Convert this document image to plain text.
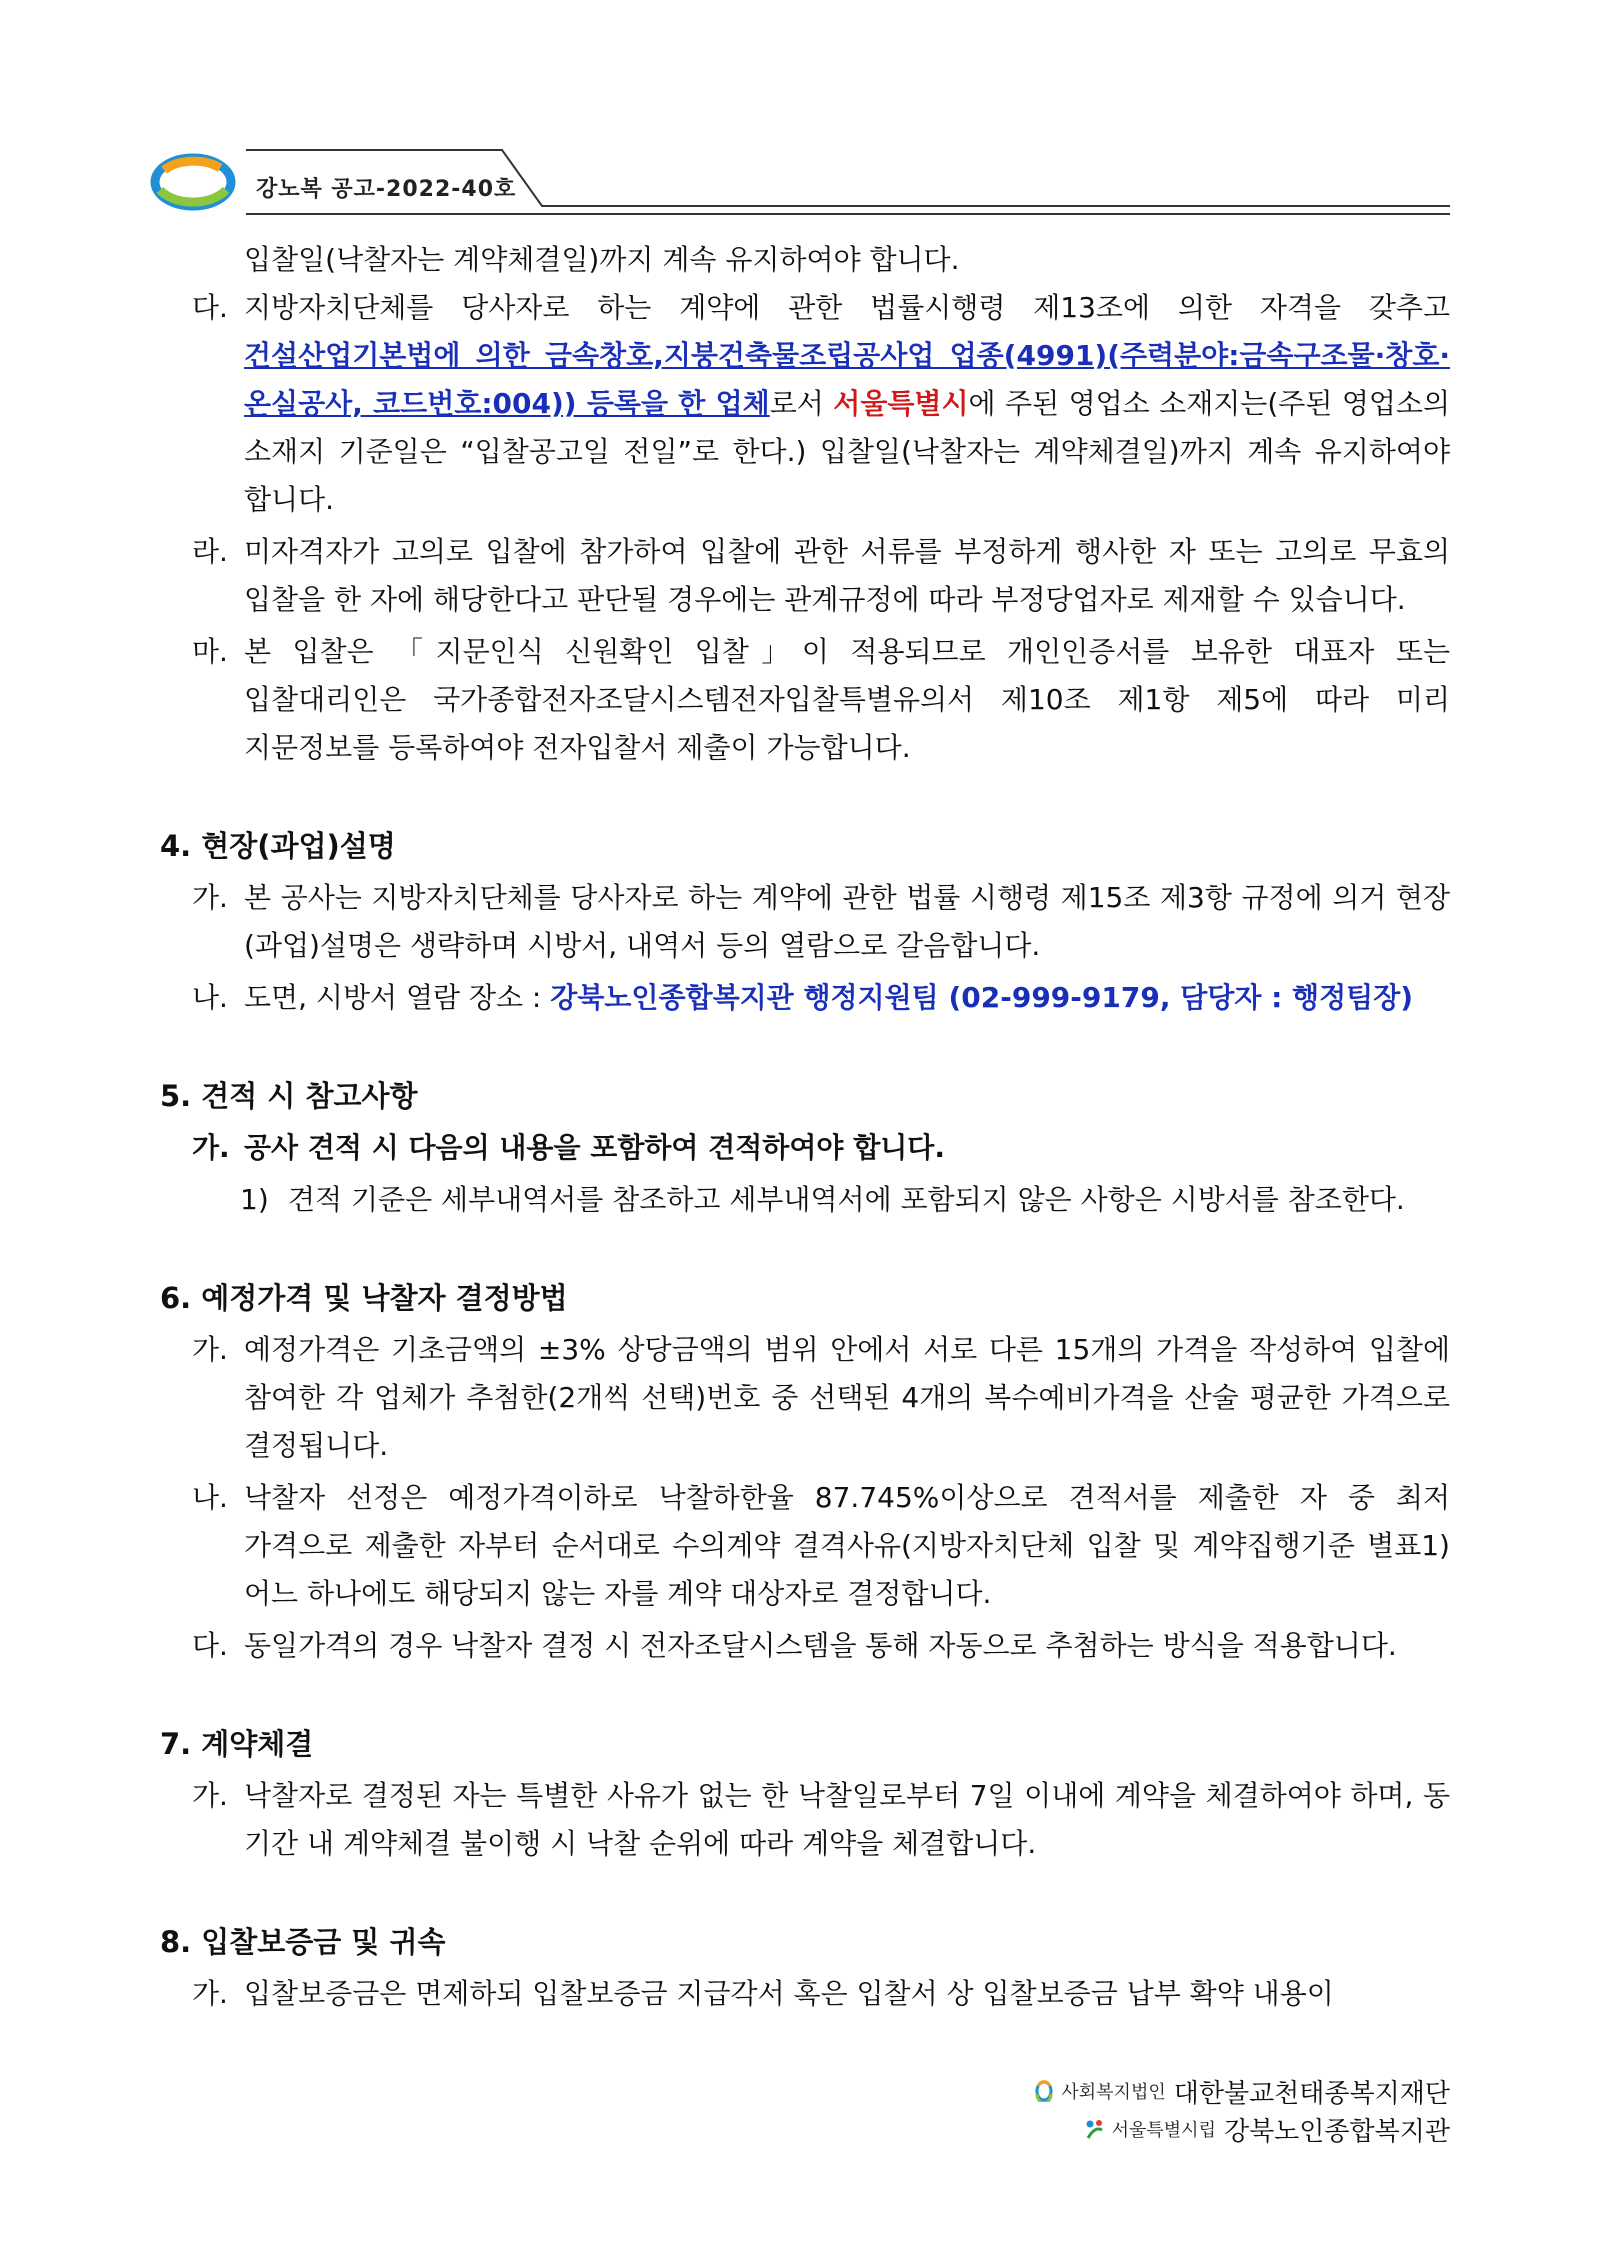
강노복 공고-2022-40호

입찰일(낙찰자는 계약체결일)까지 계속 유지하여야 합니다.

다. 지방자치단체를 당사자로 하는 계약에 관한 법률시행령 제13조에 의한 자격을 갖추고 건설산업기본법에 의한 금속창호,지붕건축물조립공사업 업종(4991)(주력분야:금속구조물·창호·온실공사, 코드번호:004)) 등록을 한 업체로서 서울특별시에 주된 영업소 소재지는(주된 영업소의 소재지 기준일은 “입찰공고일 전일”로 한다.) 입찰일(낙찰자는 계약체결일)까지 계속 유지하여야 합니다.

라. 미자격자가 고의로 입찰에 참가하여 입찰에 관한 서류를 부정하게 행사한 자 또는 고의로 무효의 입찰을 한 자에 해당한다고 판단될 경우에는 관계규정에 따라 부정당업자로 제재할 수 있습니다.

마. 본 입찰은 「지문인식 신원확인 입찰」이 적용되므로 개인인증서를 보유한 대표자 또는 입찰대리인은 국가종합전자조달시스템전자입찰특별유의서 제10조 제1항 제5에 따라 미리 지문정보를 등록하여야 전자입찰서 제출이 가능합니다.

4. 현장(과업)설명
가. 본 공사는 지방자치단체를 당사자로 하는 계약에 관한 법률 시행령 제15조 제3항 규정에 의거 현장(과업)설명은 생략하며 시방서, 내역서 등의 열람으로 갈음합니다.

나. 도면, 시방서 열람 장소 : 강북노인종합복지관 행정지원팀 (02-999-9179, 담당자 : 행정팀장)

5. 견적 시 참고사항
가. 공사 견적 시 다음의 내용을 포함하여 견적하여야 합니다.

1) 견적 기준은 세부내역서를 참조하고 세부내역서에 포함되지 않은 사항은 시방서를 참조한다.

6. 예정가격 및 낙찰자 결정방법
가. 예정가격은 기초금액의 ±3% 상당금액의 범위 안에서 서로 다른 15개의 가격을 작성하여 입찰에 참여한 각 업체가 추첨한(2개씩 선택)번호 중 선택된 4개의 복수예비가격을 산술 평균한 가격으로 결정됩니다.

나. 낙찰자 선정은 예정가격이하로 낙찰하한율 87.745%이상으로 견적서를 제출한 자 중 최저 가격으로 제출한 자부터 순서대로 수의계약 결격사유(지방자치단체 입찰 및 계약집행기준 별표1) 어느 하나에도 해당되지 않는 자를 계약 대상자로 결정합니다.

다. 동일가격의 경우 낙찰자 결정 시 전자조달시스템을 통해 자동으로 추첨하는 방식을 적용합니다.

7. 계약체결
가. 낙찰자로 결정된 자는 특별한 사유가 없는 한 낙찰일로부터 7일 이내에 계약을 체결하여야 하며, 동 기간 내 계약체결 불이행 시 낙찰 순위에 따라 계약을 체결합니다.

8. 입찰보증금 및 귀속
가. 입찰보증금은 면제하되 입찰보증금 지급각서 혹은 입찰서 상 입찰보증금 납부 확약 내용이

사회복지법인 대한불교천태종복지재단
서울특별시립 강북노인종합복지관
